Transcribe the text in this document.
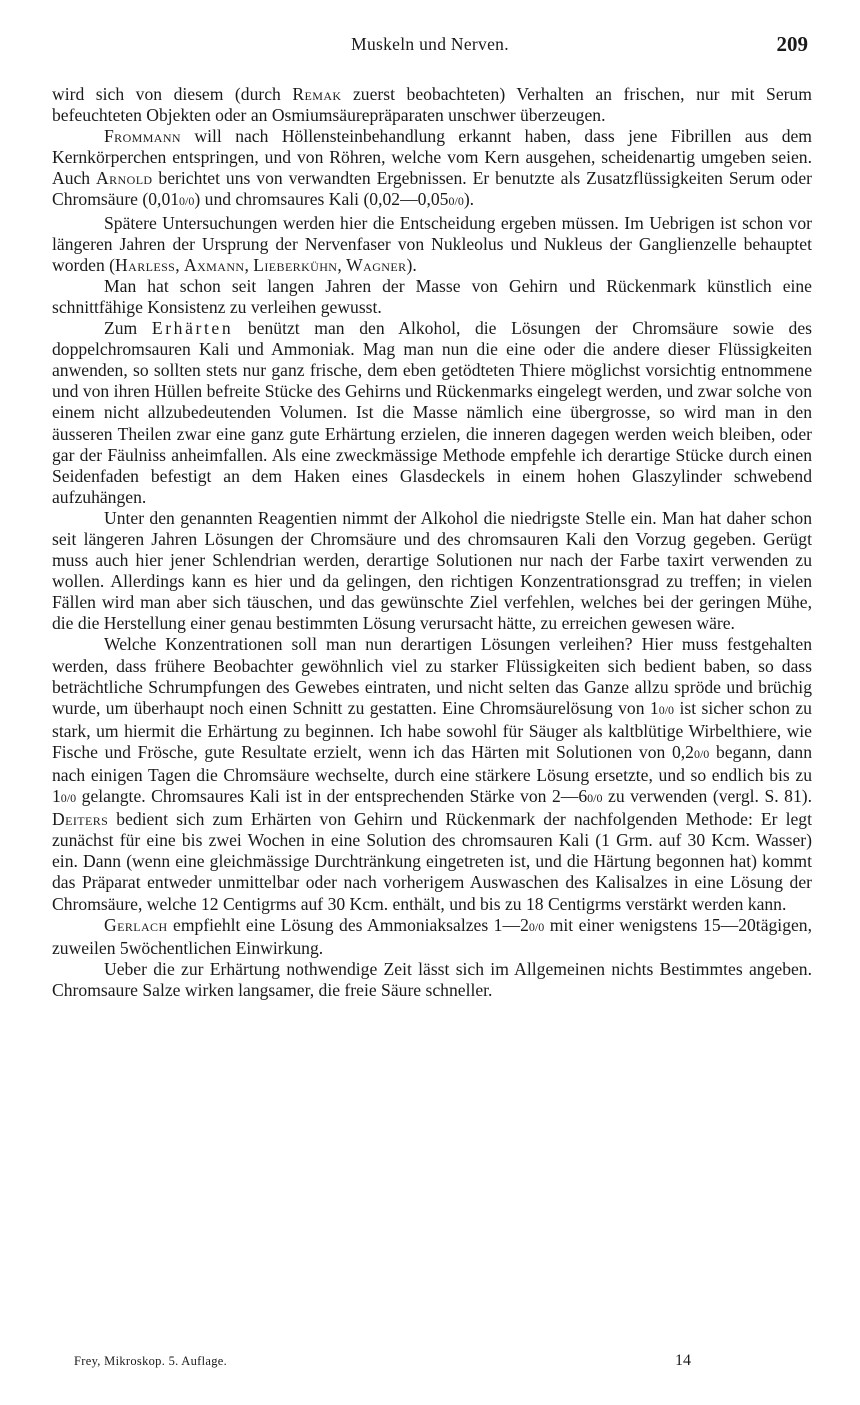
Muskeln und Nerven.	209

wird sich von diesem (durch Remak zuerst beobachteten) Verhalten an frischen, nur mit Serum befeuchteten Objekten oder an Osmiumsäurepräparaten unschwer überzeugen.

Frommann will nach Höllensteinbehandlung erkannt haben, dass jene Fibrillen aus dem Kernkörperchen entspringen, und von Röhren, welche vom Kern ausgehen, scheidenartig umgeben seien. Auch Arnold berichtet uns von verwandten Ergebnissen. Er benutzte als Zusatzflüssigkeiten Serum oder Chromsäure (0,010/0) und chromsaures Kali (0,02—0,050/0).

Spätere Untersuchungen werden hier die Entscheidung ergeben müssen. Im Uebrigen ist schon vor längeren Jahren der Ursprung der Nervenfaser von Nukleolus und Nukleus der Ganglienzelle behauptet worden (Harless, Axmann, Lieberkühn, Wagner).

Man hat schon seit langen Jahren der Masse von Gehirn und Rückenmark künstlich eine schnittfähige Konsistenz zu verleihen gewusst.

Zum Erhärten benützt man den Alkohol, die Lösungen der Chromsäure sowie des doppelchromsauren Kali und Ammoniak. Mag man nun die eine oder die andere dieser Flüssigkeiten anwenden, so sollten stets nur ganz frische, dem eben getödteten Thiere möglichst vorsichtig entnommene und von ihren Hüllen befreite Stücke des Gehirns und Rückenmarks eingelegt werden, und zwar solche von einem nicht allzubedeutenden Volumen. Ist die Masse nämlich eine übergrosse, so wird man in den äusseren Theilen zwar eine ganz gute Erhärtung erzielen, die inneren dagegen werden weich bleiben, oder gar der Fäulniss anheimfallen. Als eine zweckmässige Methode empfehle ich derartige Stücke durch einen Seidenfaden befestigt an dem Haken eines Glasdeckels in einem hohen Glaszylinder schwebend aufzuhängen.

Unter den genannten Reagentien nimmt der Alkohol die niedrigste Stelle ein. Man hat daher schon seit längeren Jahren Lösungen der Chromsäure und des chromsauren Kali den Vorzug gegeben. Gerügt muss auch hier jener Schlendrian werden, derartige Solutionen nur nach der Farbe taxirt verwenden zu wollen. Allerdings kann es hier und da gelingen, den richtigen Konzentrationsgrad zu treffen; in vielen Fällen wird man aber sich täuschen, und das gewünschte Ziel verfehlen, welches bei der geringen Mühe, die die Herstellung einer genau bestimmten Lösung verursacht hätte, zu erreichen gewesen wäre.

Welche Konzentrationen soll man nun derartigen Lösungen verleihen? Hier muss festgehalten werden, dass frühere Beobachter gewöhnlich viel zu starker Flüssigkeiten sich bedient baben, so dass beträchtliche Schrumpfungen des Gewebes eintraten, und nicht selten das Ganze allzu spröde und brüchig wurde, um überhaupt noch einen Schnitt zu gestatten. Eine Chromsäurelösung von 10/0 ist sicher schon zu stark, um hiermit die Erhärtung zu beginnen. Ich habe sowohl für Säuger als kaltblütige Wirbelthiere, wie Fische und Frösche, gute Resultate erzielt, wenn ich das Härten mit Solutionen von 0,20/0 begann, dann nach einigen Tagen die Chromsäure wechselte, durch eine stärkere Lösung ersetzte, und so endlich bis zu 10/0 gelangte. Chromsaures Kali ist in der entsprechenden Stärke von 2—60/0 zu verwenden (vergl. S. 81). Deiters bedient sich zum Erhärten von Gehirn und Rückenmark der nachfolgenden Methode: Er legt zunächst für eine bis zwei Wochen in eine Solution des chromsauren Kali (1 Grm. auf 30 Kcm. Wasser) ein. Dann (wenn eine gleichmässige Durchtränkung eingetreten ist, und die Härtung begonnen hat) kommt das Präparat entweder unmittelbar oder nach vorherigem Auswaschen des Kalisalzes in eine Lösung der Chromsäure, welche 12 Centigrms auf 30 Kcm. enthält, und bis zu 18 Centigrms verstärkt werden kann.

Gerlach empfiehlt eine Lösung des Ammoniaksalzes 1—20/0 mit einer wenigstens 15—20tägigen, zuweilen 5wöchentlichen Einwirkung.

Ueber die zur Erhärtung nothwendige Zeit lässt sich im Allgemeinen nichts Bestimmtes angeben. Chromsaure Salze wirken langsamer, die freie Säure schneller.

Frey, Mikroskop. 5. Auflage.	14
